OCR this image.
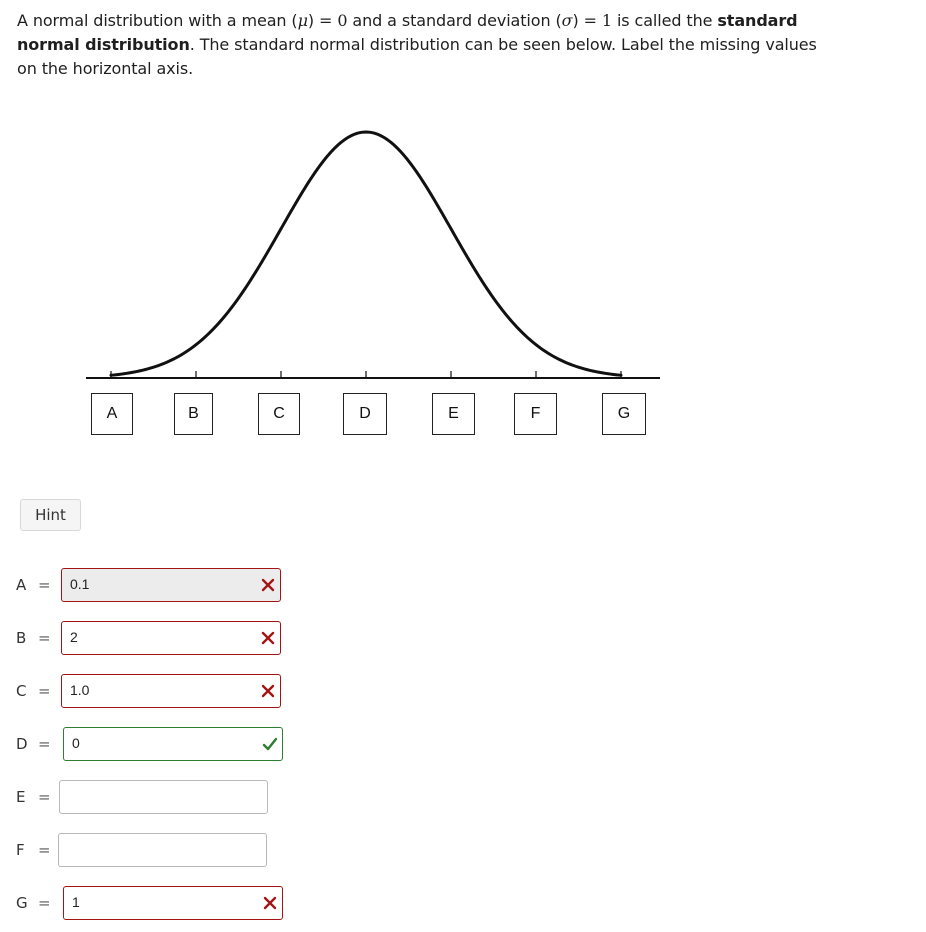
A normal distribution with a mean (μ) = 0 and a standard deviation (σ) = 1 is called the standard normal distribution. The standard normal distribution can be seen below. Label the missing values on the horizontal axis.
A	B	C	D	E	F	G
Hint
A = 0.1
B = 2
C = 1.0
D = 0
E =
F =
G = 1
